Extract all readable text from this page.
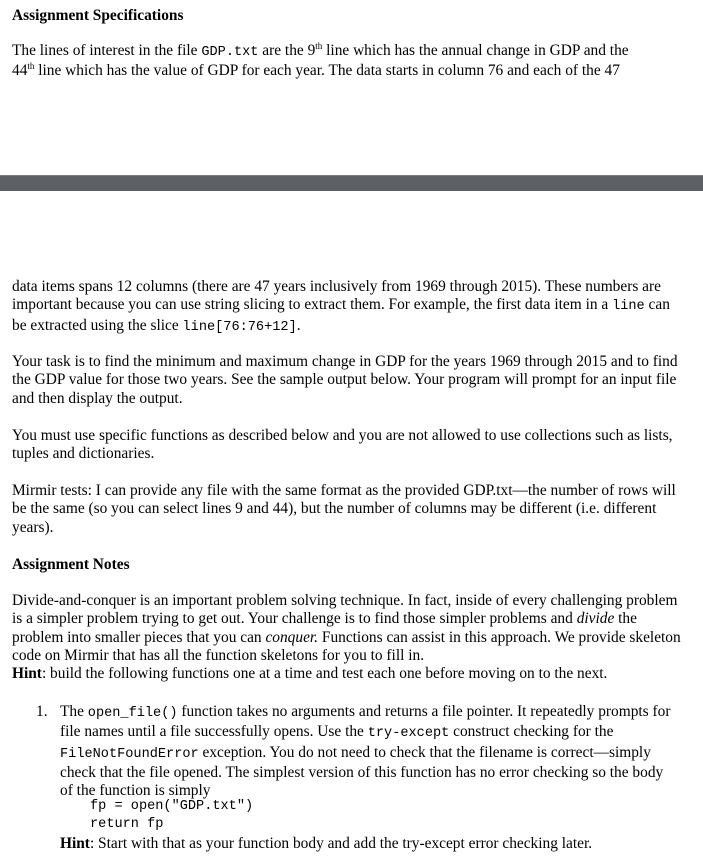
Assignment Specifications

The lines of interest in the file GDP.txt are the 9th line which has the annual change in GDP and the
44th line which has the value of GDP for each year. The data starts in column 76 and each of the 47

data items spans 12 columns (there are 47 years inclusively from 1969 through 2015). These numbers are important because you can use string slicing to extract them. For example, the first data item in a line can be extracted using the slice line[76:76+12].

Your task is to find the minimum and maximum change in GDP for the years 1969 through 2015 and to find the GDP value for those two years. See the sample output below. Your program will prompt for an input file and then display the output.

You must use specific functions as described below and you are not allowed to use collections such as lists, tuples and dictionaries.

Mirmir tests: I can provide any file with the same format as the provided GDP.txt—the number of rows will be the same (so you can select lines 9 and 44), but the number of columns may be different (i.e. different years).

Assignment Notes

Divide-and-conquer is an important problem solving technique. In fact, inside of every challenging problem is a simpler problem trying to get out. Your challenge is to find those simpler problems and divide the problem into smaller pieces that you can conquer. Functions can assist in this approach. We provide skeleton code on Mirmir that has all the function skeletons for you to fill in.
Hint: build the following functions one at a time and test each one before moving on to the next.

1. The open_file() function takes no arguments and returns a file pointer. It repeatedly prompts for file names until a file successfully opens. Use the try-except construct checking for the FileNotFoundError exception. You do not need to check that the filename is correct—simply check that the file opened. The simplest version of this function has no error checking so the body of the function is simply

fp = open("GDP.txt")
return fp
Hint: Start with that as your function body and add the try-except error checking later.
